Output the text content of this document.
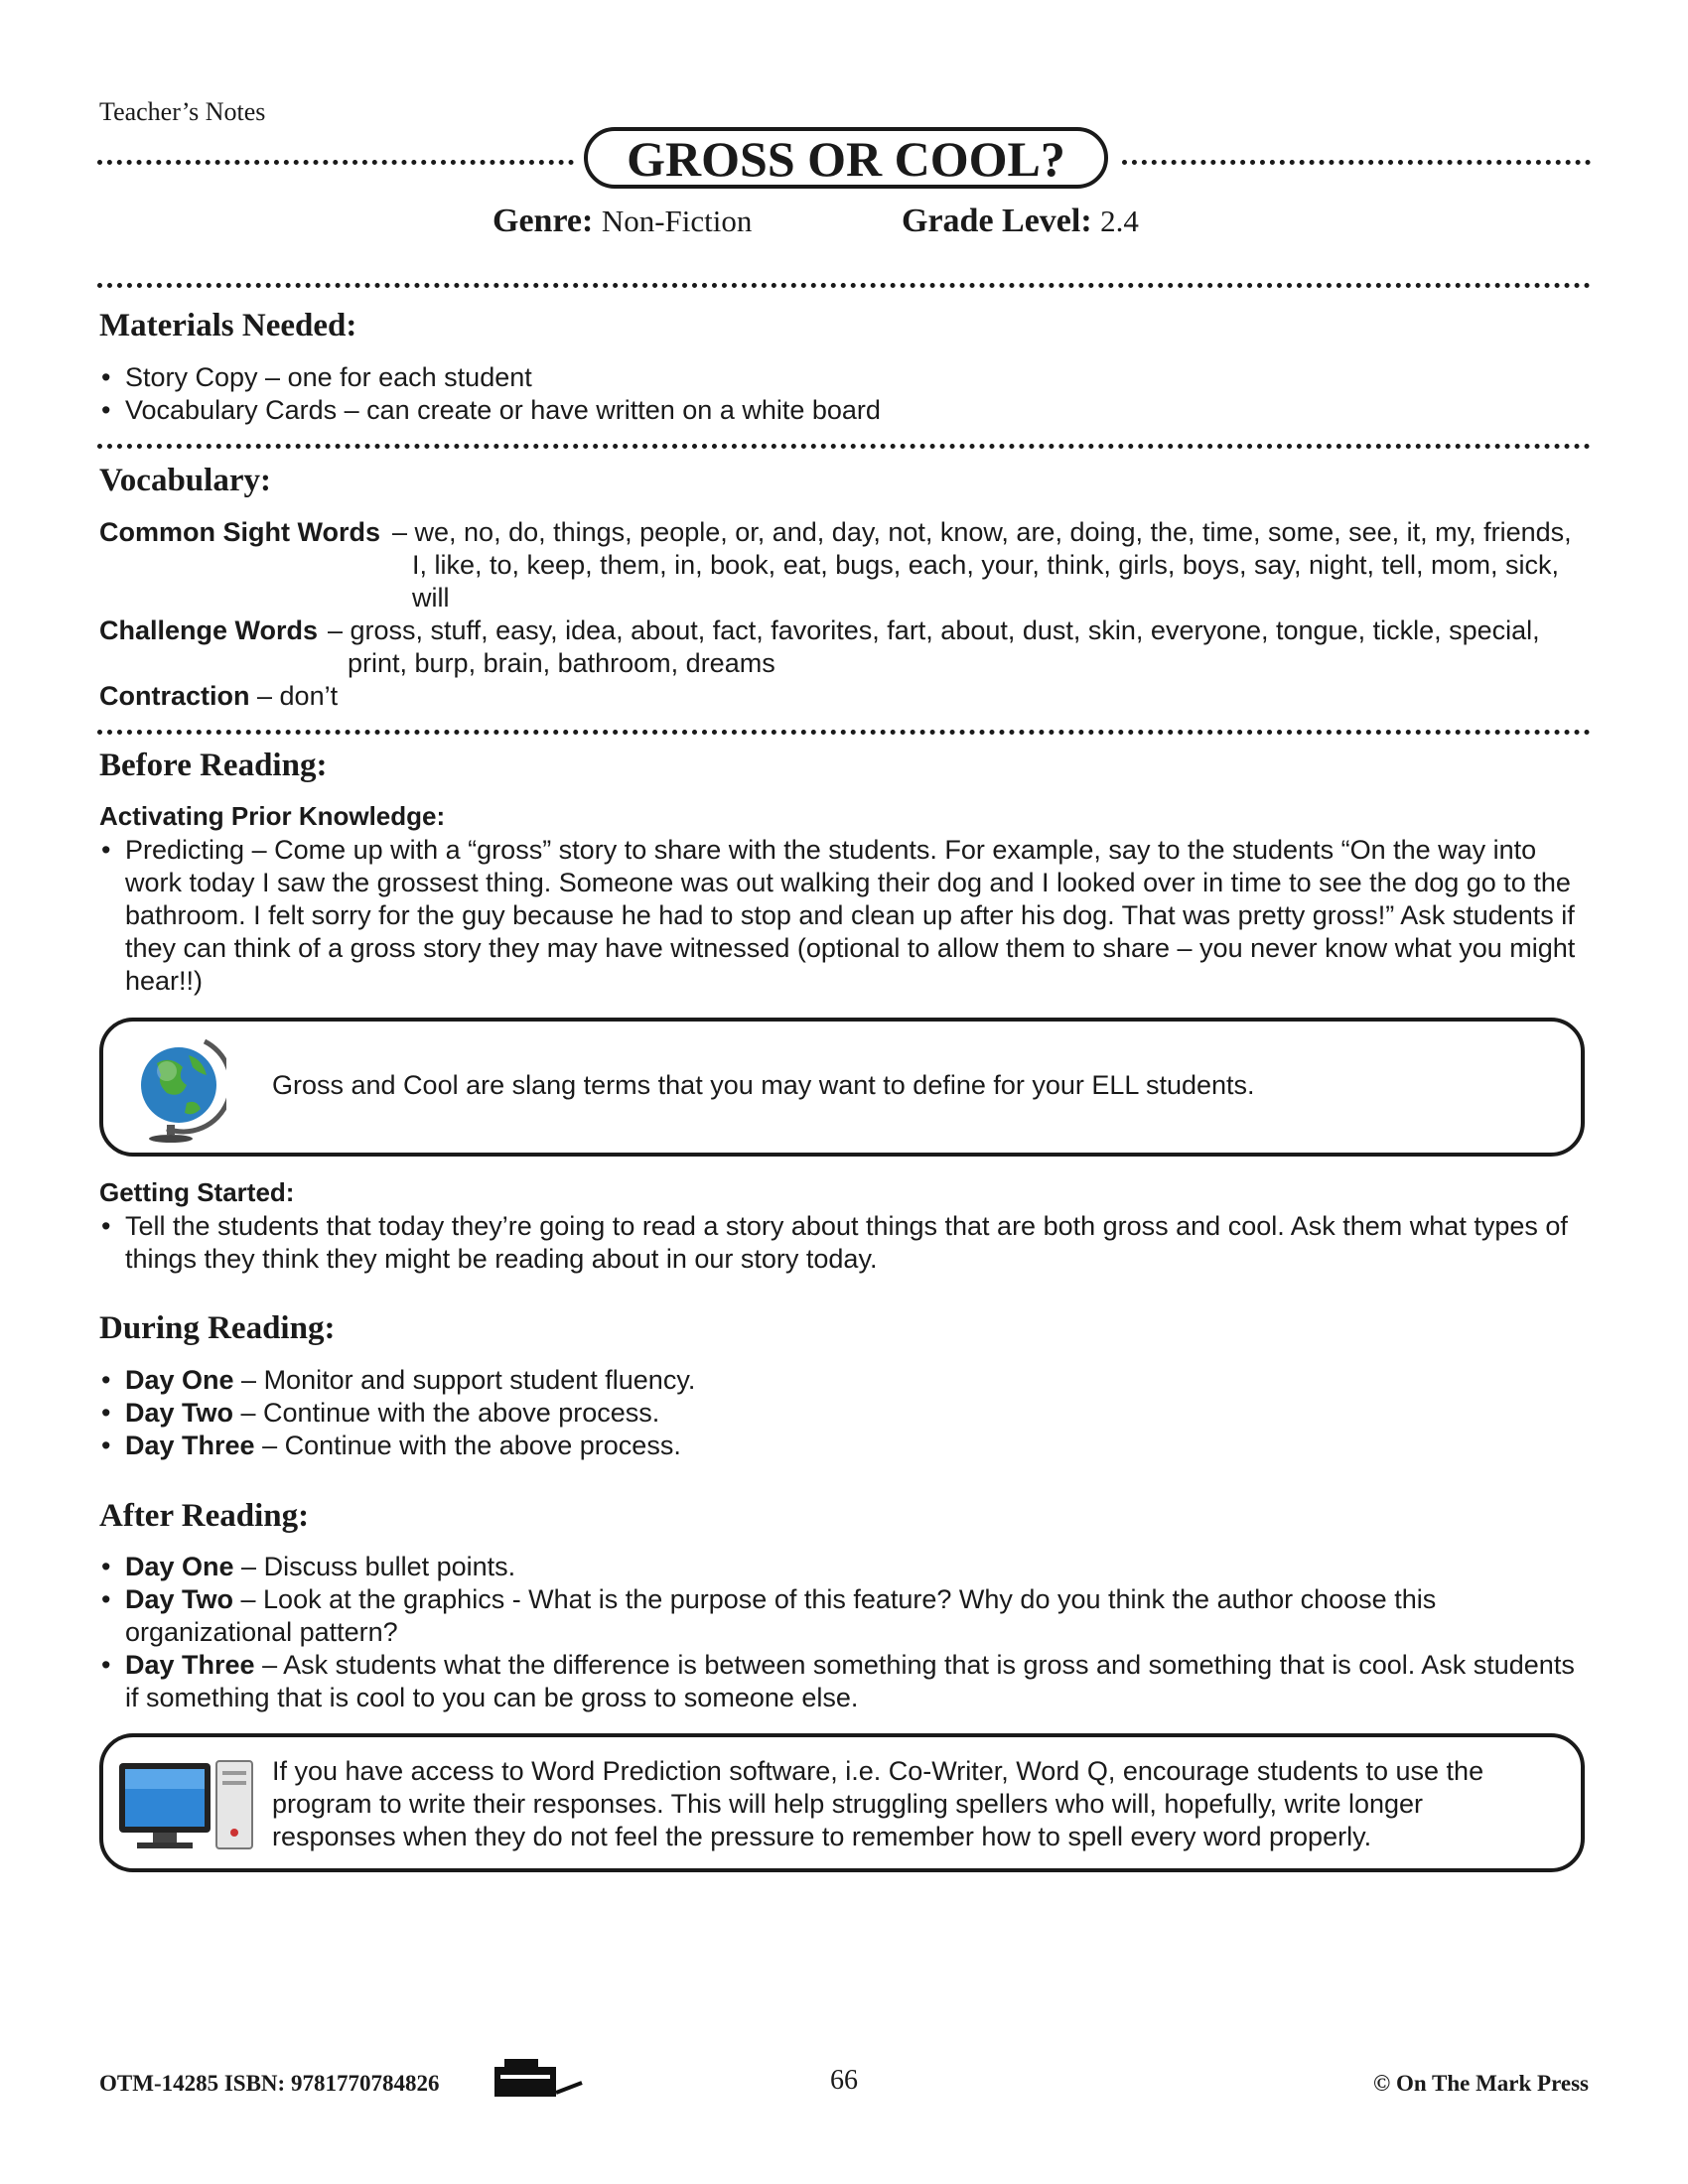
Teacher’s Notes
GROSS OR COOL?
Genre: Non-Fiction	Grade Level: 2.4
Materials Needed:
• Story Copy – one for each student
• Vocabulary Cards – can create or have written on a white board
Vocabulary:
Common Sight Words – we, no, do, things, people, or, and, day, not, know, are, doing, the, time, some, see, it, my, friends, I, like, to, keep, them, in, book, eat, bugs, each, your, think, girls, boys, say, night, tell, mom, sick, will
Challenge Words – gross, stuff, easy, idea, about, fact, favorites, fart, about, dust, skin, everyone, tongue, tickle, special, print, burp, brain, bathroom, dreams
Contraction – don’t
Before Reading:
Activating Prior Knowledge:
• Predicting – Come up with a “gross” story to share with the students. For example, say to the students “On the way into work today I saw the grossest thing. Someone was out walking their dog and I looked over in time to see the dog go to the bathroom. I felt sorry for the guy because he had to stop and clean up after his dog. That was pretty gross!” Ask students if they can think of a gross story they may have witnessed (optional to allow them to share – you never know what you might hear!!)
Gross and Cool are slang terms that you may want to define for your ELL students.
Getting Started:
• Tell the students that today they’re going to read a story about things that are both gross and cool. Ask them what types of things they think they might be reading about in our story today.
During Reading:
• Day One – Monitor and support student fluency.
• Day Two – Continue with the above process.
• Day Three – Continue with the above process.
After Reading:
• Day One – Discuss bullet points.
• Day Two – Look at the graphics - What is the purpose of this feature? Why do you think the author choose this organizational pattern?
• Day Three – Ask students what the difference is between something that is gross and something that is cool. Ask students if something that is cool to you can be gross to someone else.
If you have access to Word Prediction software, i.e. Co-Writer, Word Q, encourage students to use the program to write their responses. This will help struggling spellers who will, hopefully, write longer responses when they do not feel the pressure to remember how to spell every word properly.
OTM-14285 ISBN: 9781770784826	66	© On The Mark Press
